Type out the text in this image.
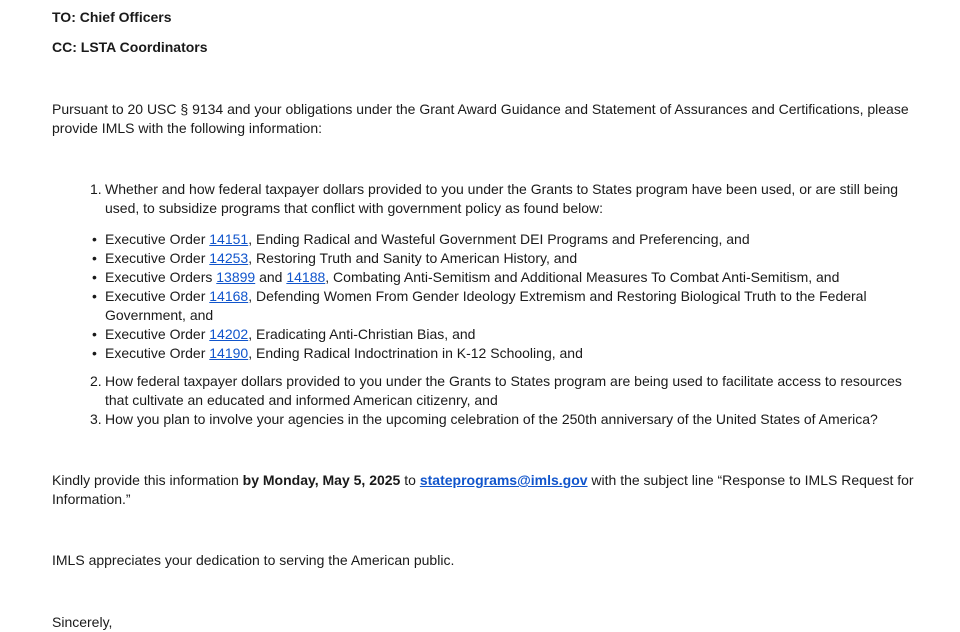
TO: Chief Officers

CC: LSTA Coordinators

Pursuant to 20 USC § 9134 and your obligations under the Grant Award Guidance and Statement of Assurances and Certifications, please provide IMLS with the following information:

1. Whether and how federal taxpayer dollars provided to you under the Grants to States program have been used, or are still being used, to subsidize programs that conflict with government policy as found below:
• Executive Order 14151, Ending Radical and Wasteful Government DEI Programs and Preferencing, and
• Executive Order 14253, Restoring Truth and Sanity to American History, and
• Executive Orders 13899 and 14188, Combating Anti-Semitism and Additional Measures To Combat Anti-Semitism, and
• Executive Order 14168, Defending Women From Gender Ideology Extremism and Restoring Biological Truth to the Federal Government, and
• Executive Order 14202, Eradicating Anti-Christian Bias, and
• Executive Order 14190, Ending Radical Indoctrination in K-12 Schooling, and
2. How federal taxpayer dollars provided to you under the Grants to States program are being used to facilitate access to resources that cultivate an educated and informed American citizenry, and
3. How you plan to involve your agencies in the upcoming celebration of the 250th anniversary of the United States of America?

Kindly provide this information by Monday, May 5, 2025 to stateprograms@imls.gov with the subject line “Response to IMLS Request for Information.”

IMLS appreciates your dedication to serving the American public.

Sincerely,
